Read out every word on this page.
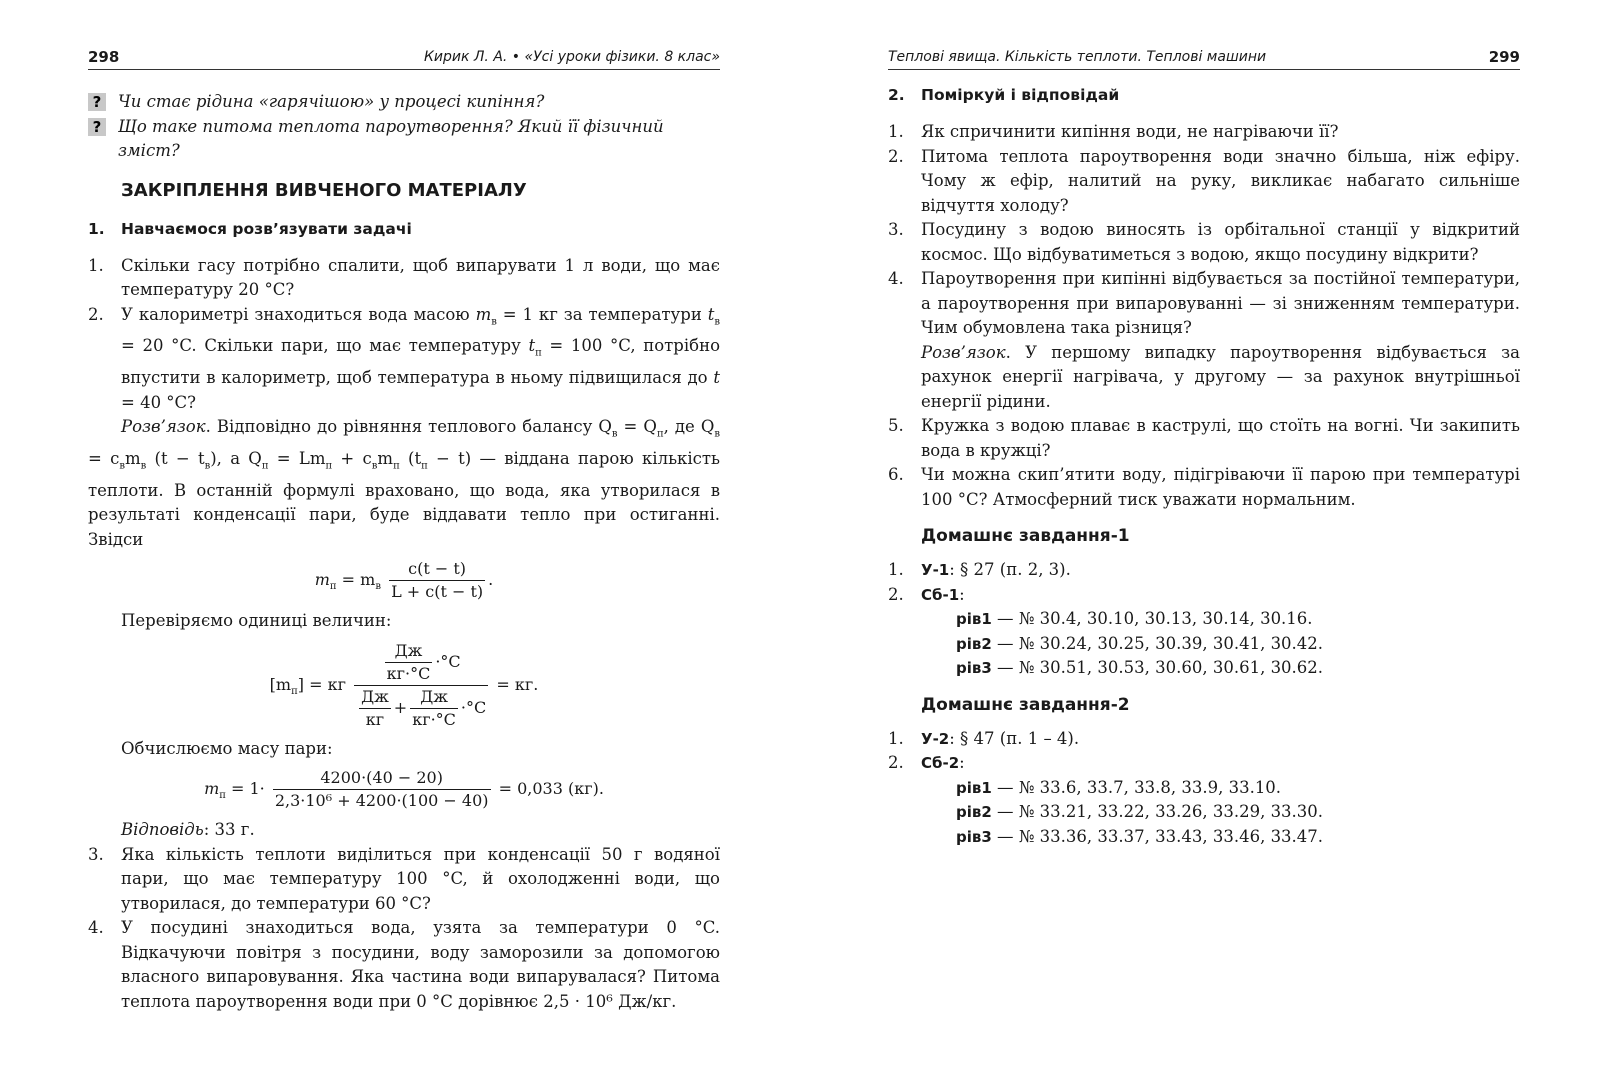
298	Кирик Л. А. • «Усі уроки фізики. 8 клас»
? Чи стає рідина «гарячішою» у процесі кипіння?
? Що таке питома теплота пароутворення? Який її фізичний зміст?
ЗАКРІПЛЕННЯ ВИВЧЕНОГО МАТЕРІАЛУ
1. Навчаємося розв’язувати задачі
1. Скільки гасу потрібно спалити, щоб випарувати 1 л води, що має температуру 20 °C?
2. У калориметрі знаходиться вода масою $m_в = 1$ кг за температури $t_в = 20$ °C. Скільки пари, що має температуру $t_п = 100$ °C, потрібно впустити в калориметр, щоб температура в ньому підвищилася до t = 40 °C?

Розв’язок. Відповідно до рівняння теплового балансу $Q_в = Q_п$, де $Q_в = c_вm_в$ $(t - t_в)$, а $Q_п = Lm_п + c_вm_п$ $(t_п - t)$ — віддана парою кількість теплоти. В останній формулі враховано, що вода, яка утворилася в результаті конденсації пари, буде віддавати тепло при остиганні. Звідси

$m_п = m_в \frac{c(t - t)}{L + c(t - t)}$ .

Перевіряємо одиниці величин:

$[m_п]$ = кг $\frac{Дж}{кг\cdot^\circ С} \cdot^\circ С$
$\frac{Дж}{кг} + \frac{Дж}{кг\cdot^\circ С} \cdot^\circ С$
= кг.

Обчислюємо масу пари:

$m_п = 1\cdot \frac{4200\cdot(40 - 20)}{\text{2,3·10⁶ + 4200·(100 − 40)}} = 0,033$ (кг).

Відповідь: 33 г.

3. Яка кількість теплоти виділиться при конденсації 50 г водяної пари, що має температуру 100 °C, й охолодженні води, що утворилася, до температури 60 °C?
4. У посудині знаходиться вода, узята за температури 0 °C. Відкачуючи повітря з посудини, воду заморозили за допомогою власного випаровування. Яка частина води випарувалася? Питома теплота пароутворення води при 0 °C дорівнює 2,5 · 10⁶ Дж/кг.
Теплові явища. Кількість теплоти. Теплові машини	299
2. Поміркуй і відповідай
1. Як спричинити кипіння води, не нагріваючи її?
2. Питома теплота пароутворення води значно більша, ніж ефіру. Чому ж ефір, налитий на руку, викликає набагато сильніше відчуття холоду?
3. Посудину з водою виносять із орбітальної станції у відкритий космос. Що відбуватиметься з водою, якщо посудину відкрити?
4. Пароутворення при кипінні відбувається за постійної температури, а пароутворення при випаровуванні — зі зниженням температури. Чим обумовлена така різниця?
Розв’язок. У першому випадку пароутворення відбувається за рахунок енергії нагрівача, у другому — за рахунок внутрішньої енергії рідини.
5. Кружка з водою плаває в каструлі, що стоїть на вогні. Чи закипить вода в кружці?
6. Чи можна скип’ятити воду, підігріваючи її парою при температурі 100 °C? Атмосферний тиск уважати нормальним.
Домашнє завдання-1
1. У-1: § 27 (п. 2, 3).
2. Сб-1:
рів1 — № 30.4, 30.10, 30.13, 30.14, 30.16.
рів2 — № 30.24, 30.25, 30.39, 30.41, 30.42.
рів3 — № 30.51, 30.53, 30.60, 30.61, 30.62.
Домашнє завдання-2
1. У-2: § 47 (п. 1 – 4).
2. Сб-2:
рів1 — № 33.6, 33.7, 33.8, 33.9, 33.10.
рів2 — № 33.21, 33.22, 33.26, 33.29, 33.30.
рів3 — № 33.36, 33.37, 33.43, 33.46, 33.47.
